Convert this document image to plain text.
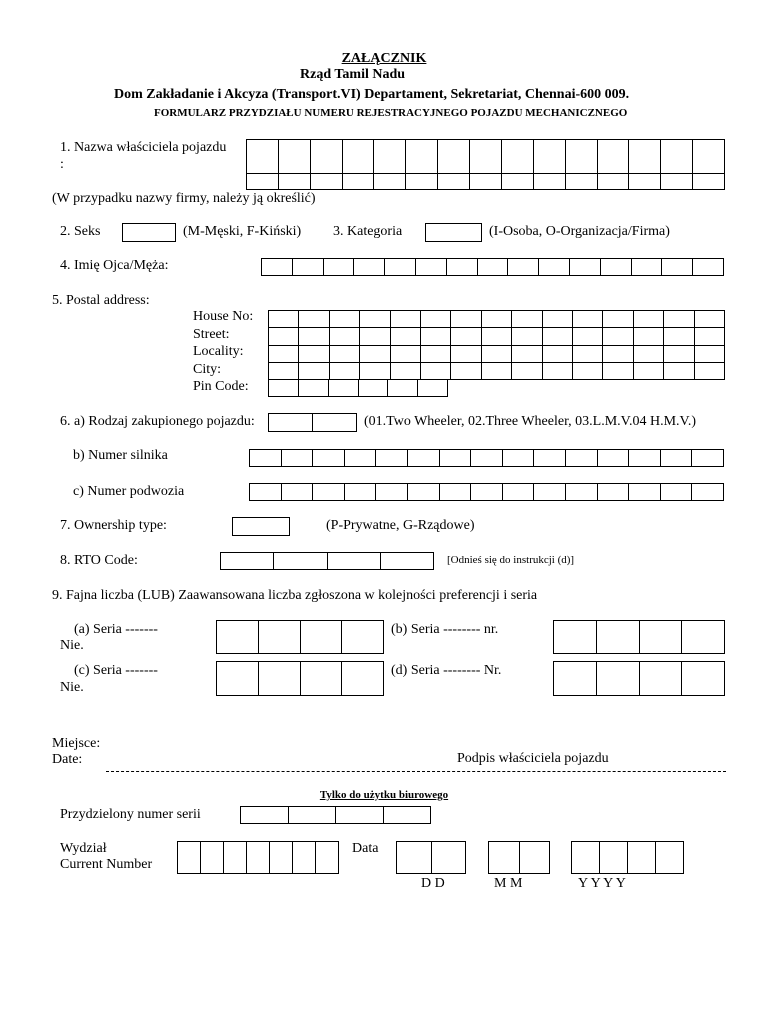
ZAŁĄCZNIK
Rząd Tamil Nadu
Dom Zakładanie i Akcyza (Transport.VI) Departament, Sekretariat, Chennai-600 009.
FORMULARZ PRZYDZIAŁU NUMERU REJESTRACYJNEGO POJAZDU MECHANICZNEGO
1. Nazwa właściciela pojazdu
:
(W przypadku nazwy firmy, należy ją określić)
2. Seks	(M-Męski, F-Kiński) 3. Kategoria	(I-Osoba, O-Organizacja/Firma)
4. Imię Ojca/Męża:
5. Postal address:
House No:
Street:
Locality:
City:
Pin Code:
6. a) Rodzaj zakupionego pojazdu:	(01.Two Wheeler, 02.Three Wheeler, 03.L.M.V.04 H.M.V.)
b) Numer silnika
c) Numer podwozia
7. Ownership type:	(P-Prywatne, G-Rządowe)
8. RTO Code:	[Odnieś się do instrukcji (d)]
9. Fajna liczba (LUB) Zaawansowana liczba zgłoszona w kolejności preferencji i seria
(a) Seria -------
Nie.
(b) Seria -------- nr.
(c) Seria -------
Nie.
(d) Seria -------- Nr.
Miejsce:
Date:	Podpis właściciela pojazdu
Tylko do użytku biurowego
Przydzielony numer serii
Wydział
Current Number
Data
D D	M M	Y Y Y Y
